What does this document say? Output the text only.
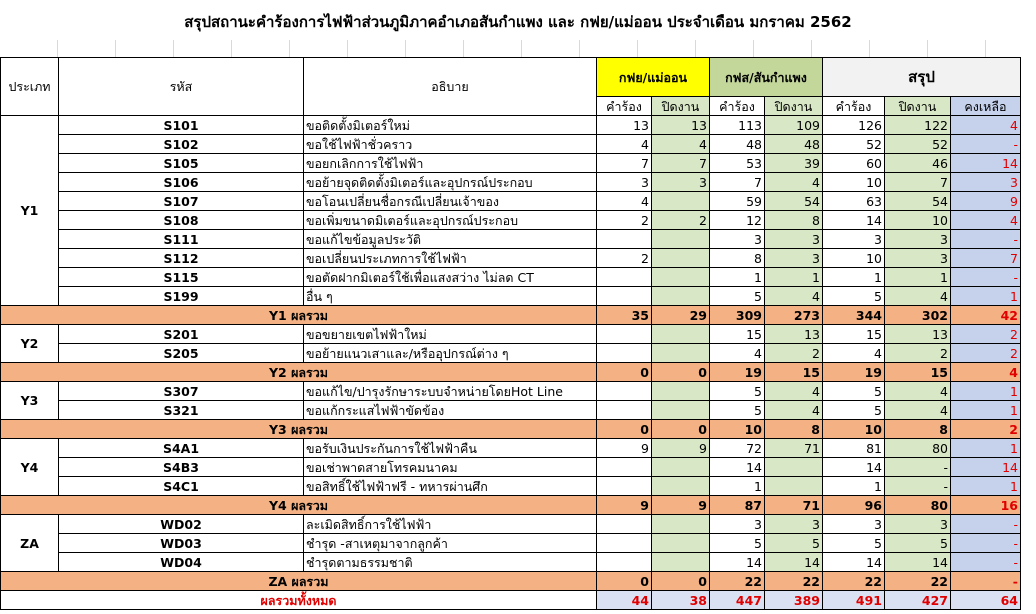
สรุปสถานะคำร้องการไฟฟ้าส่วนภูมิภาคอำเภอสันกำแพง และ กฟย/แม่ออน ประจำเดือน มกราคม 2562
ประเภท	รหัส	อธิบาย	กฟย/แม่ออน		กฟส/สันกำแพง		สรุป		
			คำร้อง	ปิดงาน	คำร้อง	ปิดงาน	คำร้อง	ปิดงาน	คงเหลือ
Y1	S101	ขอติดตั้งมิเตอร์ใหม่	13	13	113	109	126	122	4
	S102	ขอใช้ไฟฟ้าชั่วคราว	4	4	48	48	52	52	-
	S105	ขอยกเลิกการใช้ไฟฟ้า	7	7	53	39	60	46	14
	S106	ขอย้ายจุดติดตั้งมิเตอร์และอุปกรณ์ประกอบ	3	3	7	4	10	7	3
	S107	ขอโอนเปลี่ยนชื่อกรณีเปลี่ยนเจ้าของ	4		59	54	63	54	9
	S108	ขอเพิ่มขนาดมิเตอร์และอุปกรณ์ประกอบ	2	2	12	8	14	10	4
	S111	ขอแก้ไขข้อมูลประวัติ			3	3	3	3	-
	S112	ขอเปลี่ยนประเภทการใช้ไฟฟ้า	2		8	3	10	3	7
	S115	ขอตัดฝากมิเตอร์ใช้เพื่อแสงสว่าง ไม่ลด CT			1	1	1	1	-
	S199	อื่น ๆ			5	4	5	4	1
Y1 ผลรวม			35	29	309	273	344	302	42
Y2	S201	ขอขยายเขตไฟฟ้าใหม่			15	13	15	13	2
	S205	ขอย้ายแนวเสาและ/หรืออุปกรณ์ต่าง ๆ			4	2	4	2	2
Y2 ผลรวม			0	0	19	15	19	15	4
Y3	S307	ขอแก้ไข/ปารุงรักษาระบบจำหน่ายโดยHot Line			5	4	5	4	1
	S321	ขอแก้กระแสไฟฟ้าขัดข้อง			5	4	5	4	1
Y3 ผลรวม			0	0	10	8	10	8	2
Y4	S4A1	ขอรับเงินประกันการใช้ไฟฟ้าคืน	9	9	72	71	81	80	1
	S4B3	ขอเช่าพาดสายโทรคมนาคม			14		14	-	14
	S4C1	ขอสิทธิ์ใช้ไฟฟ้าฟรี - ทหารผ่านศึก			1		1	-	1
Y4 ผลรวม			9	9	87	71	96	80	16
ZA	WD02	ละเมิดสิทธิ์การใช้ไฟฟ้า			3	3	3	3	-
	WD03	ชำรุด -สาเหตุมาจากลูกค้า			5	5	5	5	-
	WD04	ชำรุดตามธรรมชาติ			14	14	14	14	-
ZA ผลรวม			0	0	22	22	22	22	-
ผลรวมทั้งหมด			44	38	447	389	491	427	64
